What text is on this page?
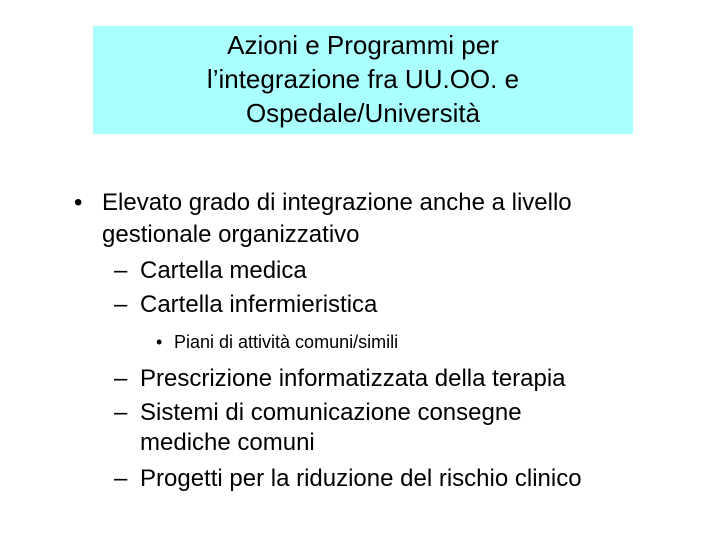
Azioni e Programmi per
l’integrazione fra UU.OO. e
Ospedale/Università
• Elevato grado di integrazione anche a livello
gestionale organizzativo
– Cartella medica
– Cartella infermieristica
• Piani di attività comuni/simili
– Prescrizione informatizzata della terapia
– Sistemi di comunicazione consegne
mediche comuni
– Progetti per la riduzione del rischio clinico
